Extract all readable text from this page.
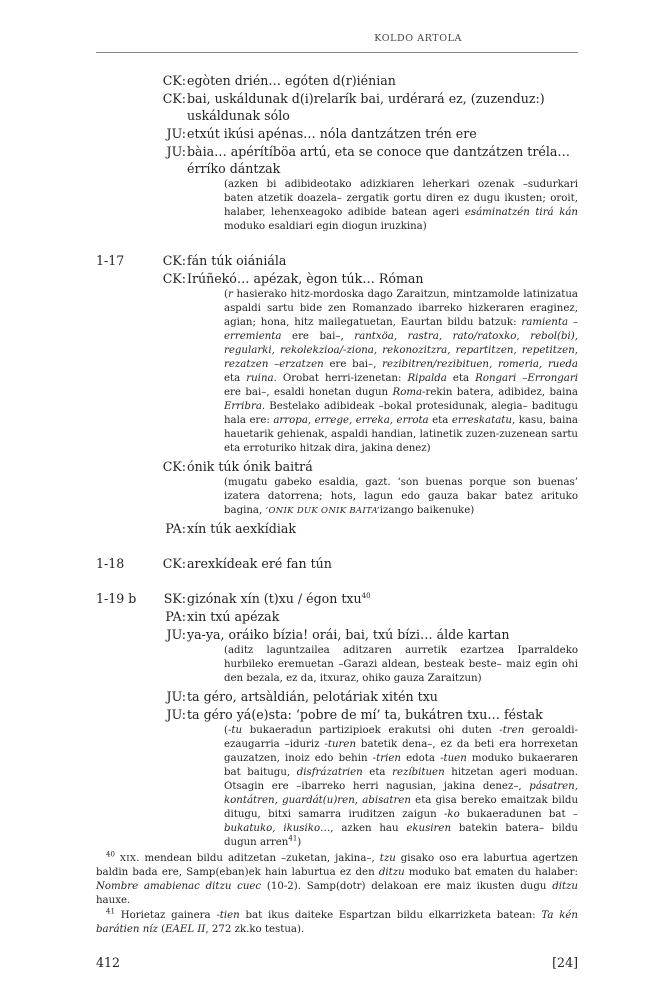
KOLDO ARTOLA
CK: egòten drién… egóten d(r)iénian
CK: bai, uskáldunak d(i)relarík bai, urdérará ez, (zuzenduz:) uskáldunak sólo
JU: etxút ikúsi apénas… nóla dantzátzen trén ere
JU: bàia… apérítíböa artú, eta se conoce que dantzátzen tréla… érríko dántzak
(azken bi adibideotako adizkiaren leherkari ozenak –sudurkari baten atzetik doazela– zergatik gortu diren ez dugu ikusten; oroit, halaber, lehenxeagoko adibide batean ageri esáminatzén tirá kán moduko esaldiari egin diogun iruzkina)
1-17	CK: fán túk oiániála
CK: Irúñekó… apézak, ègon túk… Róman
(r hasierako hitz-mordoska dago Zaraitzun, mintzamolde latinizatua aspaldi sartu bide zen Romanzado ibarreko hizkeraren eraginez, agian; hona, hitz mailegatuetan, Eaurtan bildu batzuk: ramienta –erremienta ere bai–, rantxöa, rastra, rato/ratoxko, rebol(bi), regularki, rekolekzioa/-ziona, rekonozitzra, repartitzen, repetitzen, rezatzen –erzatzen ere bai–, rezibitren/rezibituen, romeria, rueda eta ruina. Orobat herri-izenetan: Ripalda eta Rongari –Errongari ere bai–, esaldi honetan dugun Roma-rekin batera, adibidez, baina Erribra. Bestelako adibideak –bokal protesidunak, alegia– baditugu hala ere: arropa, errege, erreka, errota eta erreskatatu, kasu, baina hauetarik gehienak, aspaldi handian, latinetik zuzen-zuzenean sartu eta erroturiko hitzak dira, jakina denez)
CK: ónik túk ónik baitrá
(mugatu gabeko esaldia, gazt. ‘son buenas porque son buenas’ izatera datorrena; hots, lagun edo gauza bakar batez arituko bagina, ’ONIK DUK ONIK BAITA’izango baikenuke)
PA: xín túk aexkídiak
1-18	CK: arexkídeak eré fan tún
1-19 b	SK: gizónak xín (t)xu / égon txu$^{40}$
PA: xin txú apézak
JU: ya-ya, oráiko bízia! orái, bai, txú bízi… álde kartan
(aditz laguntzailea aditzaren aurretik ezartzea Iparraldeko hurbileko eremuetan –Garazi aldean, besteak beste– maiz egin ohi den bezala, ez da, itxuraz, ohiko gauza Zaraitzun)
JU: ta géro, artsàldián, pelotáriak xitén txu
JU: ta géro yá(e)sta: ‘pobre de mí’ ta, bukátren txu… féstak
(-tu bukaeradun partizipioek erakutsi ohi duten -tren geroaldi-ezaugarria –iduriz -turen batetik dena–, ez da beti era horrexetan gauzatzen, inoiz edo behin -trien edota -tuen moduko bukaeraren bat baitugu, disfrázatrien eta rezíbituen hitzetan ageri moduan. Otsagin ere –ibarreko herri nagusian, jakina denez–, pásatren, kontátren, guardát(u)ren, abisatren eta gisa bereko emaitzak bildu ditugu, bitxi samarra iruditzen zaigun -ko bukaeradunen bat –bukatuko, ikusiko…, azken hau ekusiren batekin batera– bildu dugun arren$^{41}$)
$^{40}$ XIX. mendean bildu aditzetan –zuketan, jakina–, tzu gisako oso era laburtua agertzen baldin bada ere, Samp(eban)ek hain laburtua ez den ditzu moduko bat ematen du halaber: Nombre amabienac ditzu cuec (10-2). Samp(dotr) delakoan ere maiz ikusten dugu ditzu hauxe.
$^{41}$ Horietaz gainera -tien bat ikus daiteke Espartzan bildu elkarrizketa batean: Ta kén barátien níz (EAEL II, 272 zk.ko testua).
412	[24]
